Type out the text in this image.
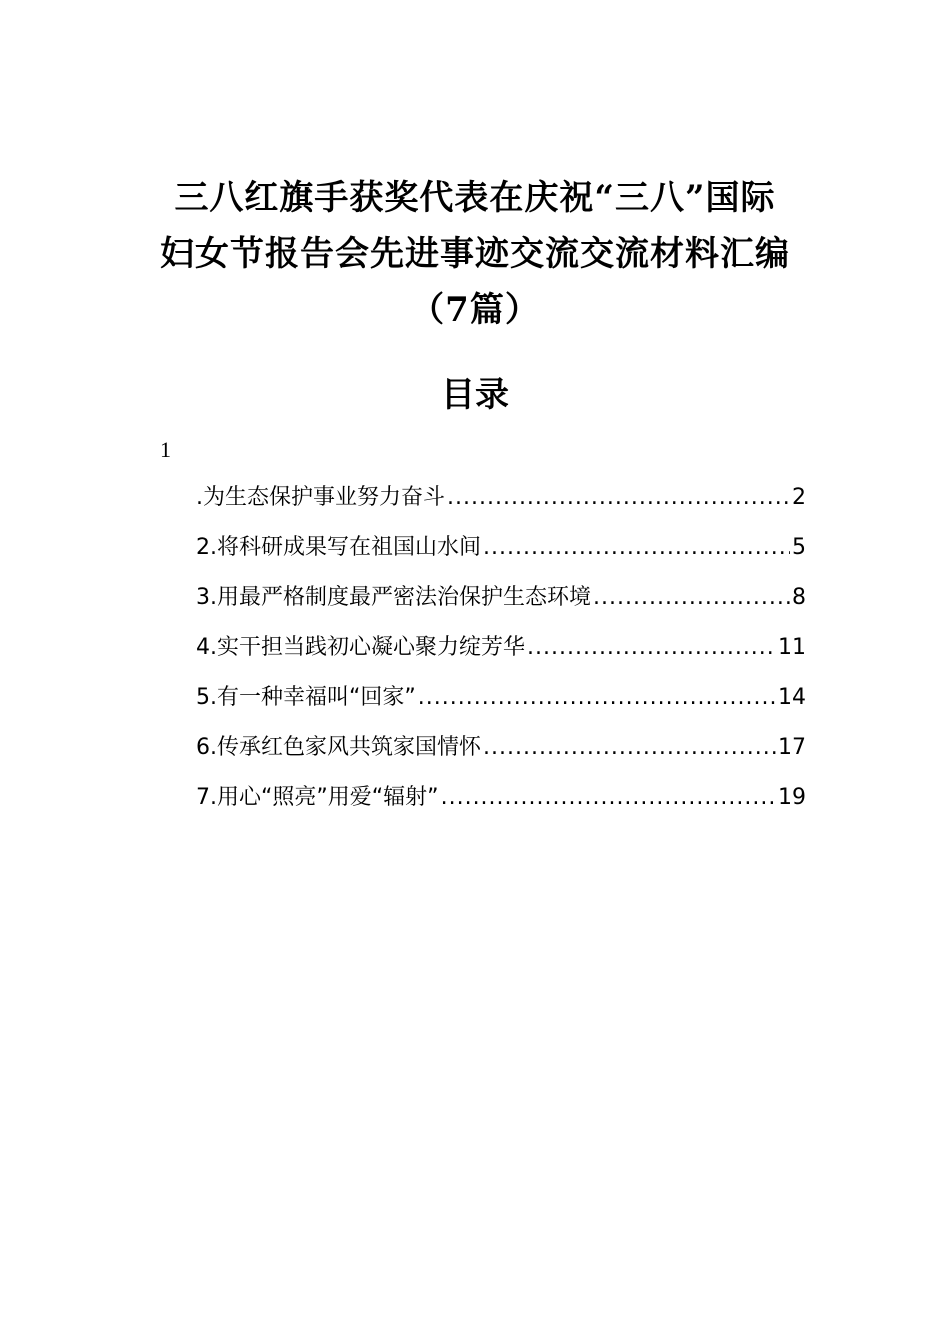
三八红旗手获奖代表在庆祝“三八”国际
妇女节报告会先进事迹交流交流材料汇编
（7篇）
目录
1
.为生态保护事业努力奋斗 .....	2
2.将科研成果写在祖国山水间 .....	5
3.用最严格制度最严密法治保护生态环境 .....	8
4.实干担当践初心凝心聚力绽芳华 .....	11
5.有一种幸福叫“回家” .....	14
6.传承红色家风共筑家国情怀 .....	17
7.用心“照亮”用爱“辐射” .....	19
